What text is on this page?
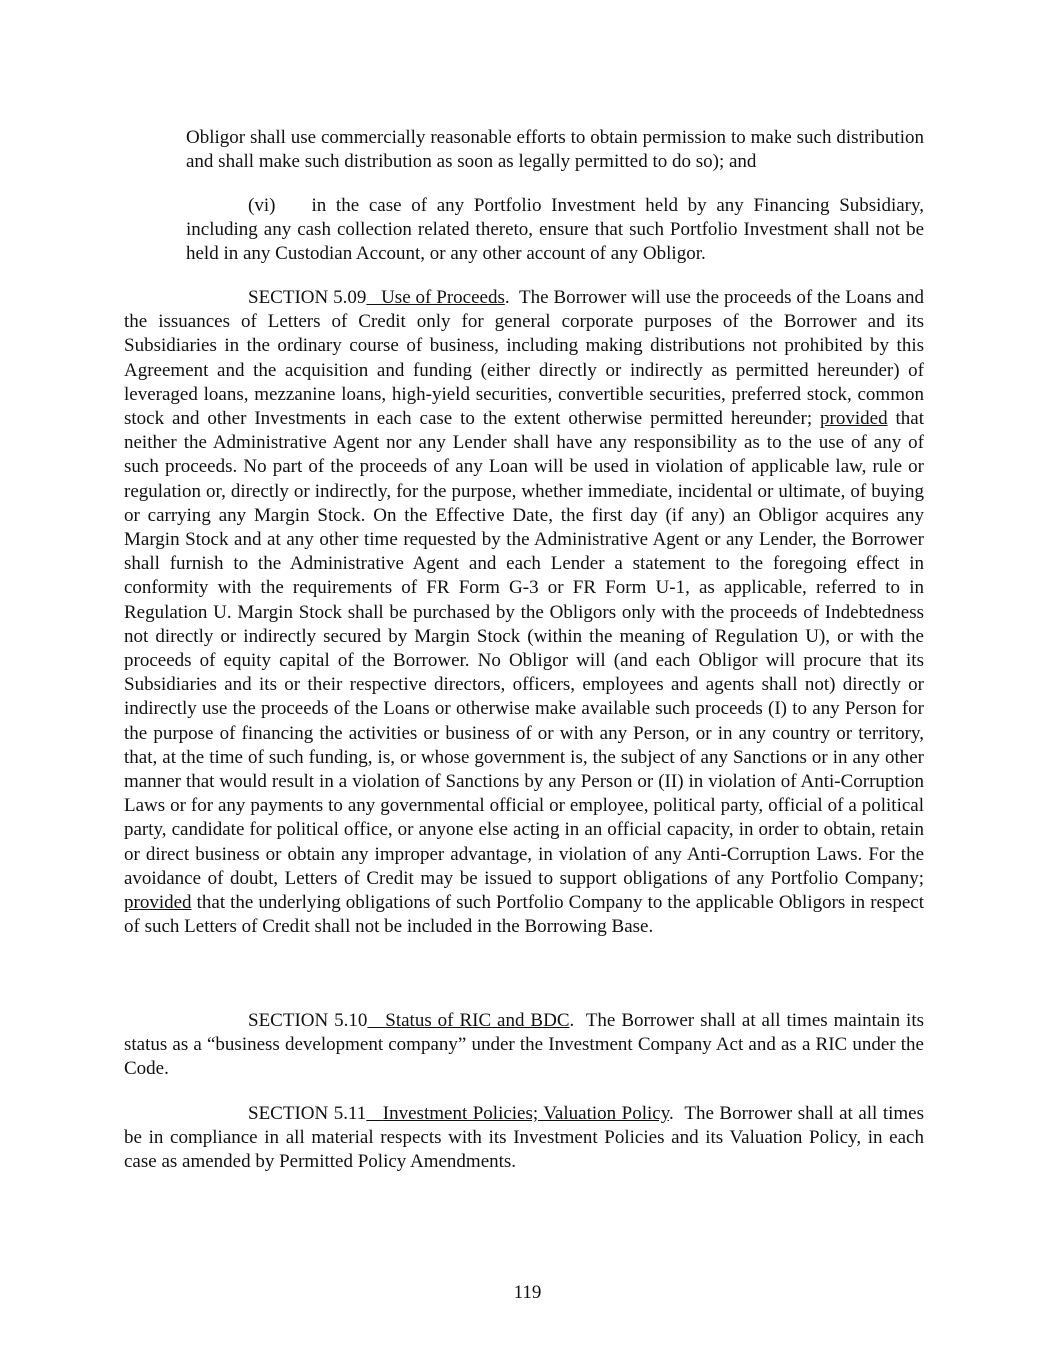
Obligor shall use commercially reasonable efforts to obtain permission to make such distribution and shall make such distribution as soon as legally permitted to do so); and

(vi) in the case of any Portfolio Investment held by any Financing Subsidiary, including any cash collection related thereto, ensure that such Portfolio Investment shall not be held in any Custodian Account, or any other account of any Obligor.

SECTION 5.09 Use of Proceeds.  The Borrower will use the proceeds of the Loans and the issuances of Letters of Credit only for general corporate purposes of the Borrower and its Subsidiaries in the ordinary course of business, including making distributions not prohibited by this Agreement and the acquisition and funding (either directly or indirectly as permitted hereunder) of leveraged loans, mezzanine loans, high-yield securities, convertible securities, preferred stock, common stock and other Investments in each case to the extent otherwise permitted hereunder; provided that neither the Administrative Agent nor any Lender shall have any responsibility as to the use of any of such proceeds. No part of the proceeds of any Loan will be used in violation of applicable law, rule or regulation or, directly or indirectly, for the purpose, whether immediate, incidental or ultimate, of buying or carrying any Margin Stock. On the Effective Date, the first day (if any) an Obligor acquires any Margin Stock and at any other time requested by the Administrative Agent or any Lender, the Borrower shall furnish to the Administrative Agent and each Lender a statement to the foregoing effect in conformity with the requirements of FR Form G-3 or FR Form U-1, as applicable, referred to in Regulation U. Margin Stock shall be purchased by the Obligors only with the proceeds of Indebtedness not directly or indirectly secured by Margin Stock (within the meaning of Regulation U), or with the proceeds of equity capital of the Borrower. No Obligor will (and each Obligor will procure that its Subsidiaries and its or their respective directors, officers, employees and agents shall not) directly or indirectly use the proceeds of the Loans or otherwise make available such proceeds (I) to any Person for the purpose of financing the activities or business of or with any Person, or in any country or territory, that, at the time of such funding, is, or whose government is, the subject of any Sanctions or in any other manner that would result in a violation of Sanctions by any Person or (II) in violation of Anti-Corruption Laws or for any payments to any governmental official or employee, political party, official of a political party, candidate for political office, or anyone else acting in an official capacity, in order to obtain, retain or direct business or obtain any improper advantage, in violation of any Anti-Corruption Laws. For the avoidance of doubt, Letters of Credit may be issued to support obligations of any Portfolio Company; provided that the underlying obligations of such Portfolio Company to the applicable Obligors in respect of such Letters of Credit shall not be included in the Borrowing Base.

SECTION 5.10 Status of RIC and BDC.  The Borrower shall at all times maintain its status as a “business development company” under the Investment Company Act and as a RIC under the Code.

SECTION 5.11 Investment Policies; Valuation Policy.  The Borrower shall at all times be in compliance in all material respects with its Investment Policies and its Valuation Policy, in each case as amended by Permitted Policy Amendments.

119
